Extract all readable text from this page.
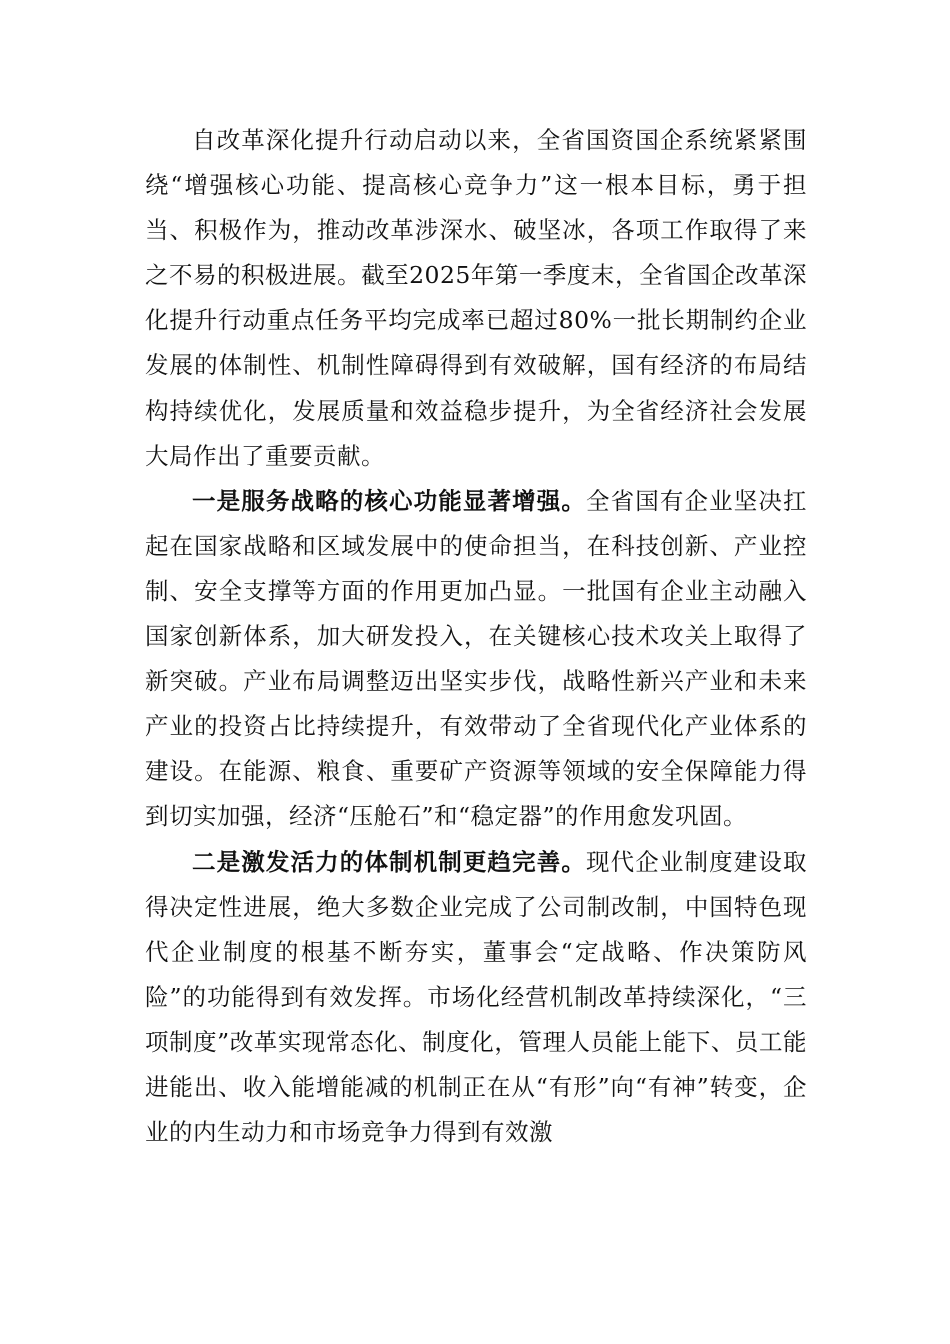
自改革深化提升行动启动以来，全省国资国企系统紧紧围绕“增强核心功能、提高核心竞争力”这一根本目标，勇于担当、积极作为，推动改革涉深水、破坚冰，各项工作取得了来之不易的积极进展。截至2025年第一季度末，全省国企改革深化提升行动重点任务平均完成率已超过80%一批长期制约企业发展的体制性、机制性障碍得到有效破解，国有经济的布局结构持续优化，发展质量和效益稳步提升，为全省经济社会发展大局作出了重要贡献。

一是服务战略的核心功能显著增强。全省国有企业坚决扛起在国家战略和区域发展中的使命担当，在科技创新、产业控制、安全支撑等方面的作用更加凸显。一批国有企业主动融入国家创新体系，加大研发投入，在关键核心技术攻关上取得了新突破。产业布局调整迈出坚实步伐，战略性新兴产业和未来产业的投资占比持续提升，有效带动了全省现代化产业体系的建设。在能源、粮食、重要矿产资源等领域的安全保障能力得到切实加强，经济“压舱石”和“稳定器”的作用愈发巩固。

二是激发活力的体制机制更趋完善。现代企业制度建设取得决定性进展，绝大多数企业完成了公司制改制，中国特色现代企业制度的根基不断夯实，董事会“定战略、作决策防风险”的功能得到有效发挥。市场化经营机制改革持续深化，“三项制度”改革实现常态化、制度化，管理人员能上能下、员工能进能出、收入能增能减的机制正在从“有形”向“有神”转变，企业的内生动力和市场竞争力得到有效激
